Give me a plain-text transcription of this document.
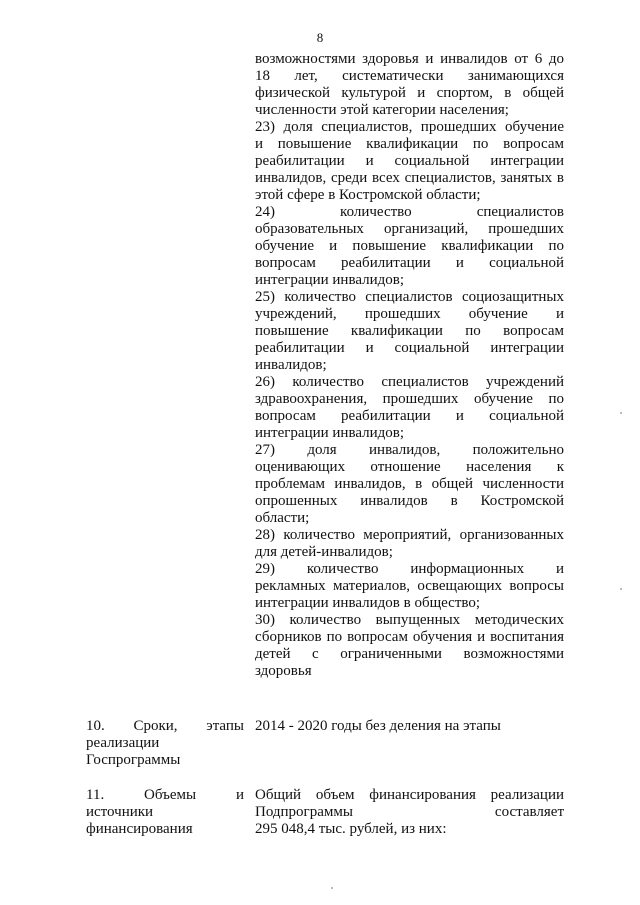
8
возможностями здоровья и инвалидов от 6 до
18 лет, систематически занимающихся
физической культурой и спортом, в общей
численности этой категории населения;
23) доля специалистов, прошедших обучение
и повышение квалификации по вопросам
реабилитации и социальной интеграции
инвалидов, среди всех специалистов, занятых в
этой сфере в Костромской области;
24) количество специалистов
образовательных организаций, прошедших
обучение и повышение квалификации по
вопросам реабилитации и социальной
интеграции инвалидов;
25) количество специалистов социозащитных
учреждений, прошедших обучение и
повышение квалификации по вопросам
реабилитации и социальной интеграции
инвалидов;
26) количество специалистов учреждений
здравоохранения, прошедших обучение по
вопросам реабилитации и социальной
интеграции инвалидов;
27) доля инвалидов, положительно
оценивающих отношение населения к
проблемам инвалидов, в общей численности
опрошенных инвалидов в Костромской
области;
28) количество мероприятий, организованных
для детей-инвалидов;
29) количество информационных и
рекламных материалов, освещающих вопросы
интеграции инвалидов в общество;
30) количество выпущенных методических
сборников по вопросам обучения и воспитания
детей с ограниченными возможностями
здоровья
10. Сроки, этапы
реализации
Госпрограммы
2014 - 2020 годы без деления на этапы
11. Объемы и
источники
финансирования
Общий объем финансирования реализации
Подпрограммы составляет
295 048,4 тыс. рублей, из них:
